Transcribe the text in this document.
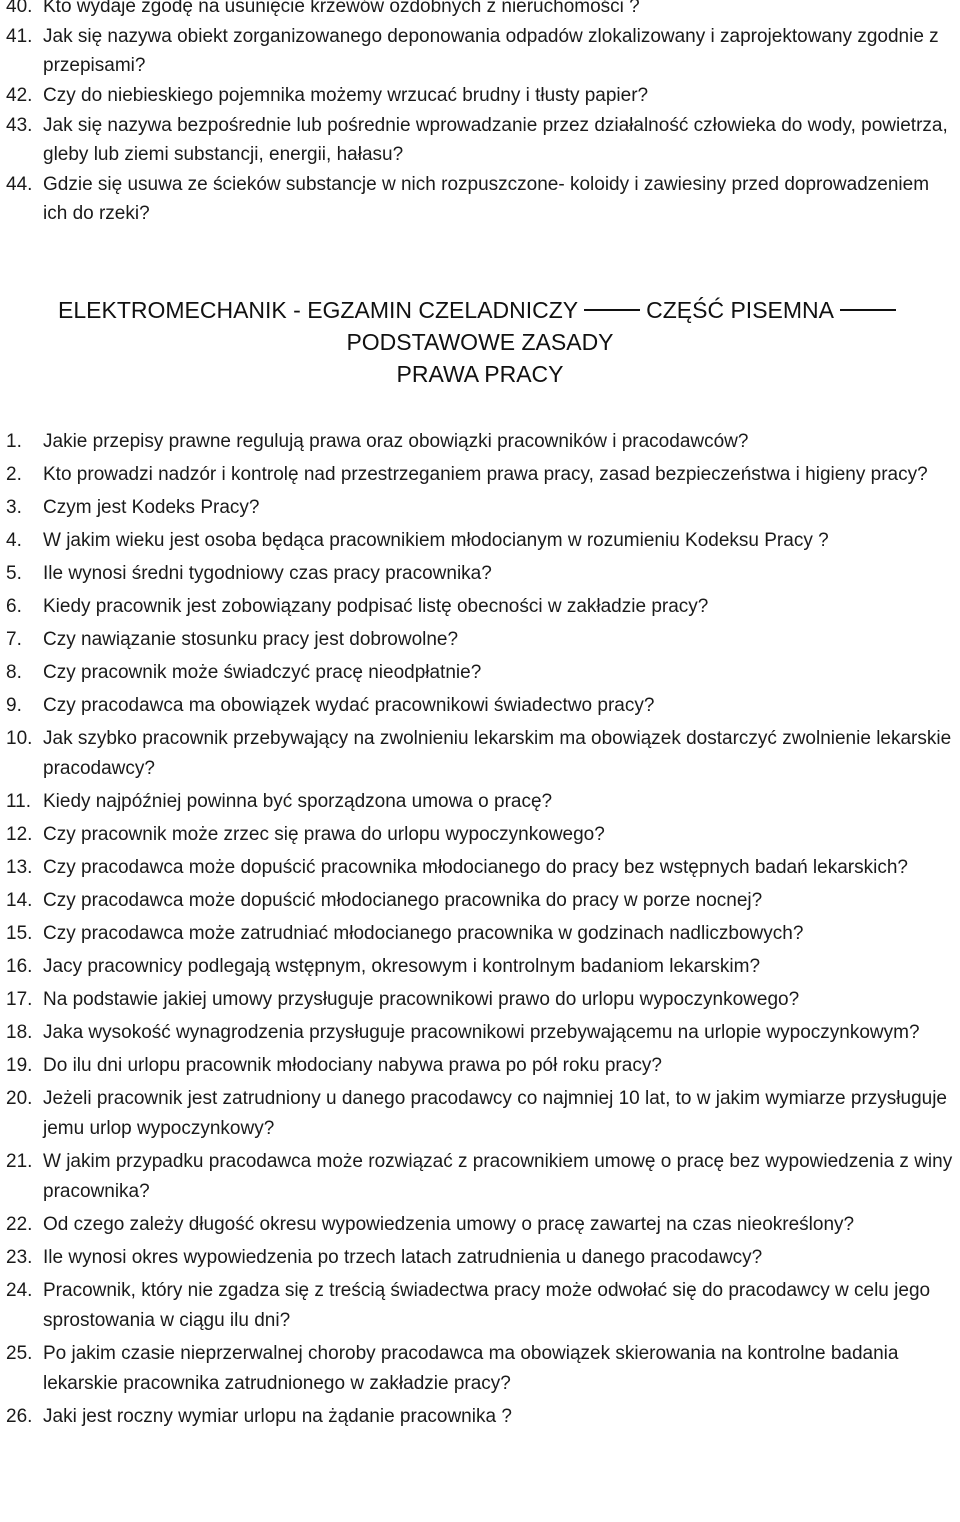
40. Kto wydaje zgodę na usunięcie krzewów ozdobnych z nieruchomości ?
41. Jak się nazywa obiekt zorganizowanego deponowania odpadów zlokalizowany i zaprojektowany zgodnie z przepisami?
42. Czy do niebieskiego pojemnika możemy wrzucać brudny i tłusty papier?
43. Jak się nazywa bezpośrednie lub pośrednie wprowadzanie przez działalność człowieka do wody, powietrza, gleby lub ziemi substancji, energii, hałasu?
44. Gdzie się usuwa ze ścieków substancje w nich rozpuszczone- koloidy i zawiesiny przed doprowadzeniem ich do rzeki?
ELEKTROMECHANIK - EGZAMIN CZELADNICZY	CZĘŚĆ PISEMNA
PODSTAWOWE ZASADY
PRAWA PRACY
1.	Jakie przepisy prawne regulują prawa oraz obowiązki pracowników i pracodawców?
2.	Kto prowadzi nadzór i kontrolę nad przestrzeganiem prawa pracy, zasad bezpieczeństwa i higieny pracy?
3.	Czym jest Kodeks Pracy?
4.	W jakim wieku jest osoba będąca pracownikiem młodocianym w rozumieniu Kodeksu Pracy ?
5.	Ile wynosi średni tygodniowy czas pracy pracownika?
6.	Kiedy pracownik jest zobowiązany podpisać listę obecności w zakładzie pracy?
7.	Czy nawiązanie stosunku pracy jest dobrowolne?
8.	Czy pracownik może świadczyć pracę nieodpłatnie?
9.	Czy pracodawca ma obowiązek wydać pracownikowi świadectwo pracy?
10. Jak szybko pracownik przebywający na zwolnieniu lekarskim ma obowiązek dostarczyć zwolnienie lekarskie pracodawcy?
11. Kiedy najpóźniej powinna być sporządzona umowa o pracę?
12. Czy pracownik może zrzec się prawa do urlopu wypoczynkowego?
13. Czy pracodawca może dopuścić pracownika młodocianego do pracy bez wstępnych badań lekarskich?
14. Czy pracodawca może dopuścić młodocianego pracownika do pracy w porze nocnej?
15. Czy pracodawca może zatrudniać młodocianego pracownika w godzinach nadliczbowych?
16. Jacy pracownicy podlegają wstępnym, okresowym i kontrolnym badaniom lekarskim?
17. Na podstawie jakiej umowy przysługuje pracownikowi prawo do urlopu wypoczynkowego?
18. Jaka wysokość wynagrodzenia przysługuje pracownikowi przebywającemu na urlopie wypoczynkowym?
19. Do ilu dni urlopu pracownik młodociany nabywa prawa po pół roku pracy?
20. Jeżeli pracownik jest zatrudniony u danego pracodawcy co najmniej 10 lat, to w jakim wymiarze przysługuje jemu urlop wypoczynkowy?
21. W jakim przypadku pracodawca może rozwiązać z pracownikiem umowę o pracę bez wypowiedzenia z winy pracownika?
22. Od czego zależy długość okresu wypowiedzenia umowy o pracę zawartej na czas nieokreślony?
23. Ile wynosi okres wypowiedzenia po trzech latach zatrudnienia u danego pracodawcy?
24. Pracownik, który nie zgadza się z treścią świadectwa pracy może odwołać się do pracodawcy w celu jego sprostowania w ciągu ilu dni?
25. Po jakim czasie nieprzerwalnej choroby pracodawca ma obowiązek skierowania na kontrolne badania lekarskie pracownika zatrudnionego w zakładzie pracy?
26. Jaki jest roczny wymiar urlopu na żądanie pracownika ?
